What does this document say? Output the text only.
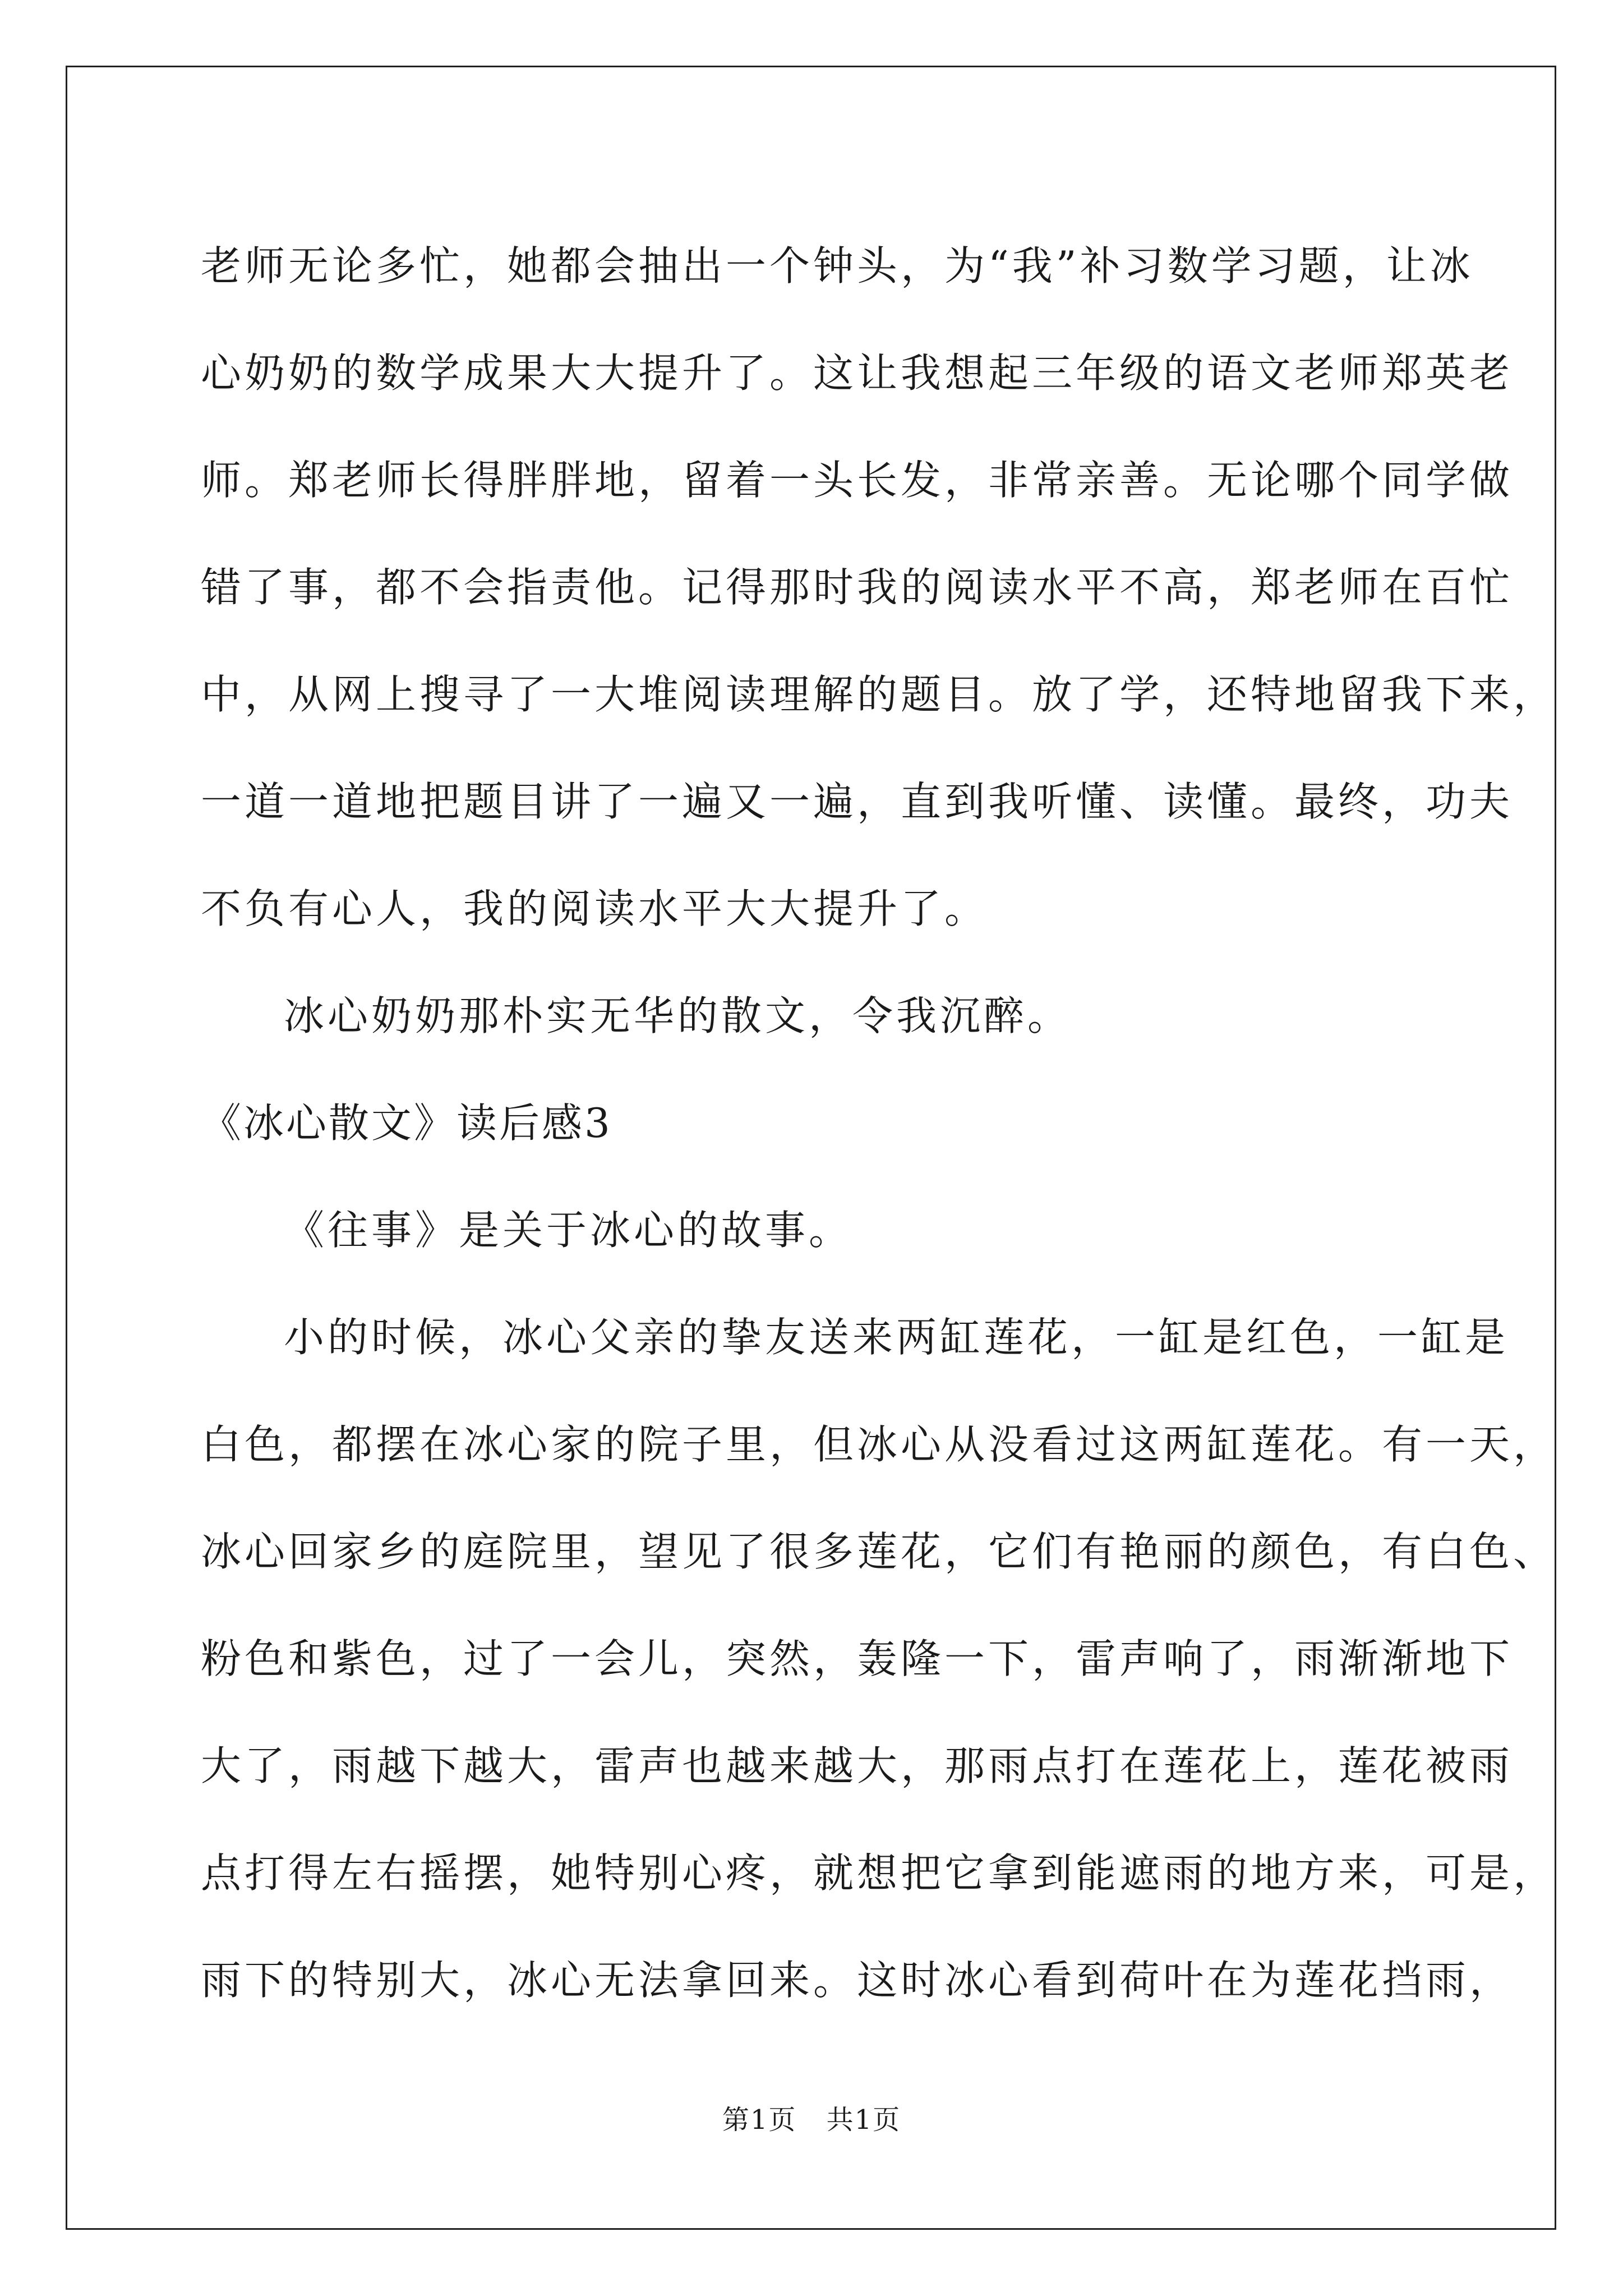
老师无论多忙，她都会抽出一个钟头，为“我”补习数学习题，让冰
心奶奶的数学成果大大提升了。这让我想起三年级的语文老师郑英老
师。郑老师长得胖胖地，留着一头长发，非常亲善。无论哪个同学做
错了事，都不会指责他。记得那时我的阅读水平不高，郑老师在百忙
中，从网上搜寻了一大堆阅读理解的题目。放了学，还特地留我下来，
一道一道地把题目讲了一遍又一遍，直到我听懂、读懂。最终，功夫
不负有心人，我的阅读水平大大提升了。
冰心奶奶那朴实无华的散文，令我沉醉。
《冰心散文》读后感3
《往事》是关于冰心的故事。
小的时候，冰心父亲的挚友送来两缸莲花，一缸是红色，一缸是
白色，都摆在冰心家的院子里，但冰心从没看过这两缸莲花。有一天，
冰心回家乡的庭院里，望见了很多莲花，它们有艳丽的颜色，有白色、
粉色和紫色，过了一会儿，突然，轰隆一下，雷声响了，雨渐渐地下
大了，雨越下越大，雷声也越来越大，那雨点打在莲花上，莲花被雨
点打得左右摇摆，她特别心疼，就想把它拿到能遮雨的地方来，可是，
雨下的特别大，冰心无法拿回来。这时冰心看到荷叶在为莲花挡雨，
第1页 共1页
